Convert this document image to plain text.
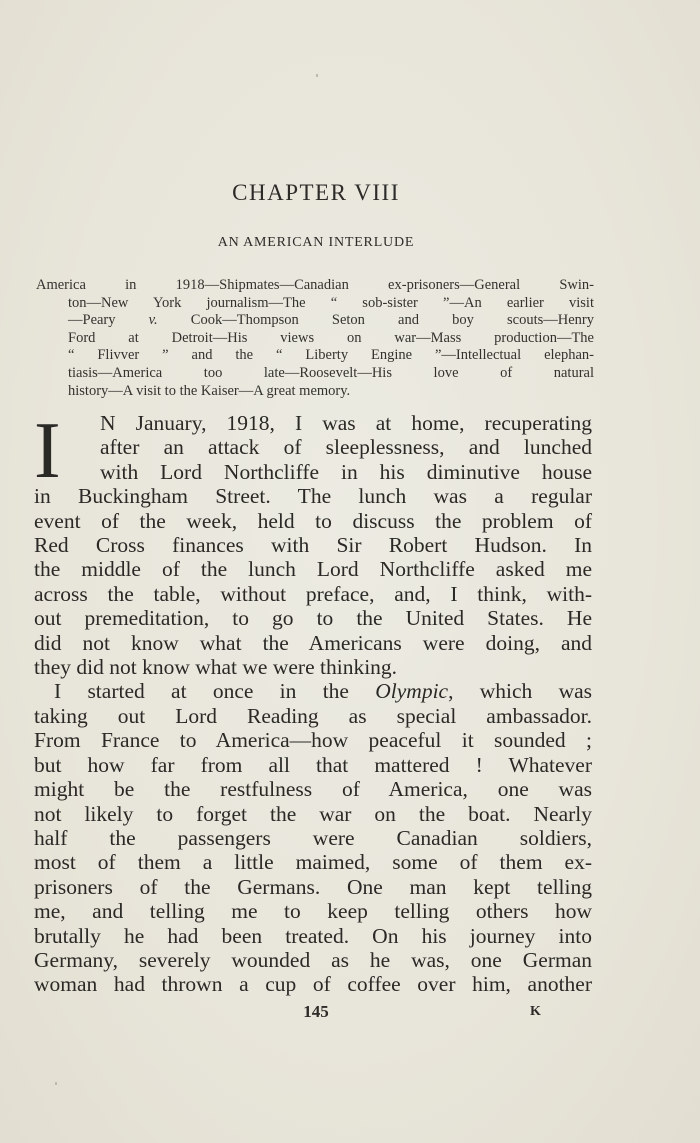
CHAPTER VIII
AN AMERICAN INTERLUDE
America in 1918—Shipmates—Canadian ex-prisoners—General Swin-
ton—New York journalism—The “ sob-sister ”—An earlier visit
—Peary v. Cook—Thompson Seton and boy scouts—Henry
Ford at Detroit—His views on war—Mass production—The
“ Flivver ” and the “ Liberty Engine ”—Intellectual elephan-
tiasis—America too late—Roosevelt—His love of natural
history—A visit to the Kaiser—A great memory.
I	N January, 1918, I was at home, recuperating
after an attack of sleeplessness, and lunched
with Lord Northcliffe in his diminutive house
in Buckingham Street. The lunch was a regular
event of the week, held to discuss the problem of
Red Cross finances with Sir Robert Hudson. In
the middle of the lunch Lord Northcliffe asked me
across the table, without preface, and, I think, with-
out premeditation, to go to the United States. He
did not know what the Americans were doing, and
they did not know what we were thinking.
I started at once in the Olympic, which was
taking out Lord Reading as special ambassador.
From France to America—how peaceful it sounded ;
but how far from all that mattered ! Whatever
might be the restfulness of America, one was
not likely to forget the war on the boat. Nearly
half the passengers were Canadian soldiers,
most of them a little maimed, some of them ex-
prisoners of the Germans. One man kept telling
me, and telling me to keep telling others how
brutally he had been treated. On his journey into
Germany, severely wounded as he was, one German
woman had thrown a cup of coffee over him, another
145	K
